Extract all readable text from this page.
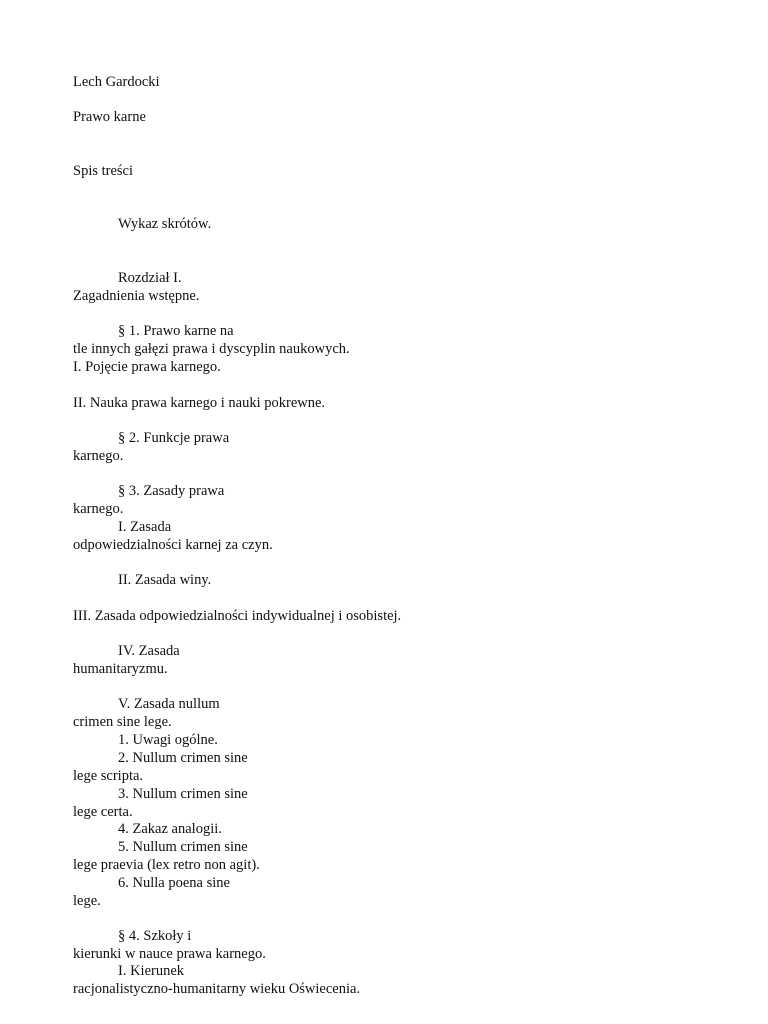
Lech Gardocki
Prawo karne
Spis treści
Wykaz skrótów.
Rozdział I.
Zagadnienia wstępne.
§ 1. Prawo karne na
tle innych gałęzi prawa i dyscyplin naukowych.
I. Pojęcie prawa karnego.
II. Nauka prawa karnego i nauki pokrewne.
§ 2. Funkcje prawa
karnego.
§ 3. Zasady prawa
karnego.
I. Zasada
odpowiedzialności karnej za czyn.
II. Zasada winy.
III. Zasada odpowiedzialności indywidualnej i osobistej.
IV. Zasada
humanitaryzmu.
V. Zasada nullum
crimen sine lege.
1. Uwagi ogólne.
2. Nullum crimen sine
lege scripta.
3. Nullum crimen sine
lege certa.
4. Zakaz analogii.
5. Nullum crimen sine
lege praevia (lex retro non agit).
6. Nulla poena sine
lege.
§ 4. Szkoły i
kierunki w nauce prawa karnego.
I. Kierunek
racjonalistyczno-humanitarny wieku Oświecenia.
